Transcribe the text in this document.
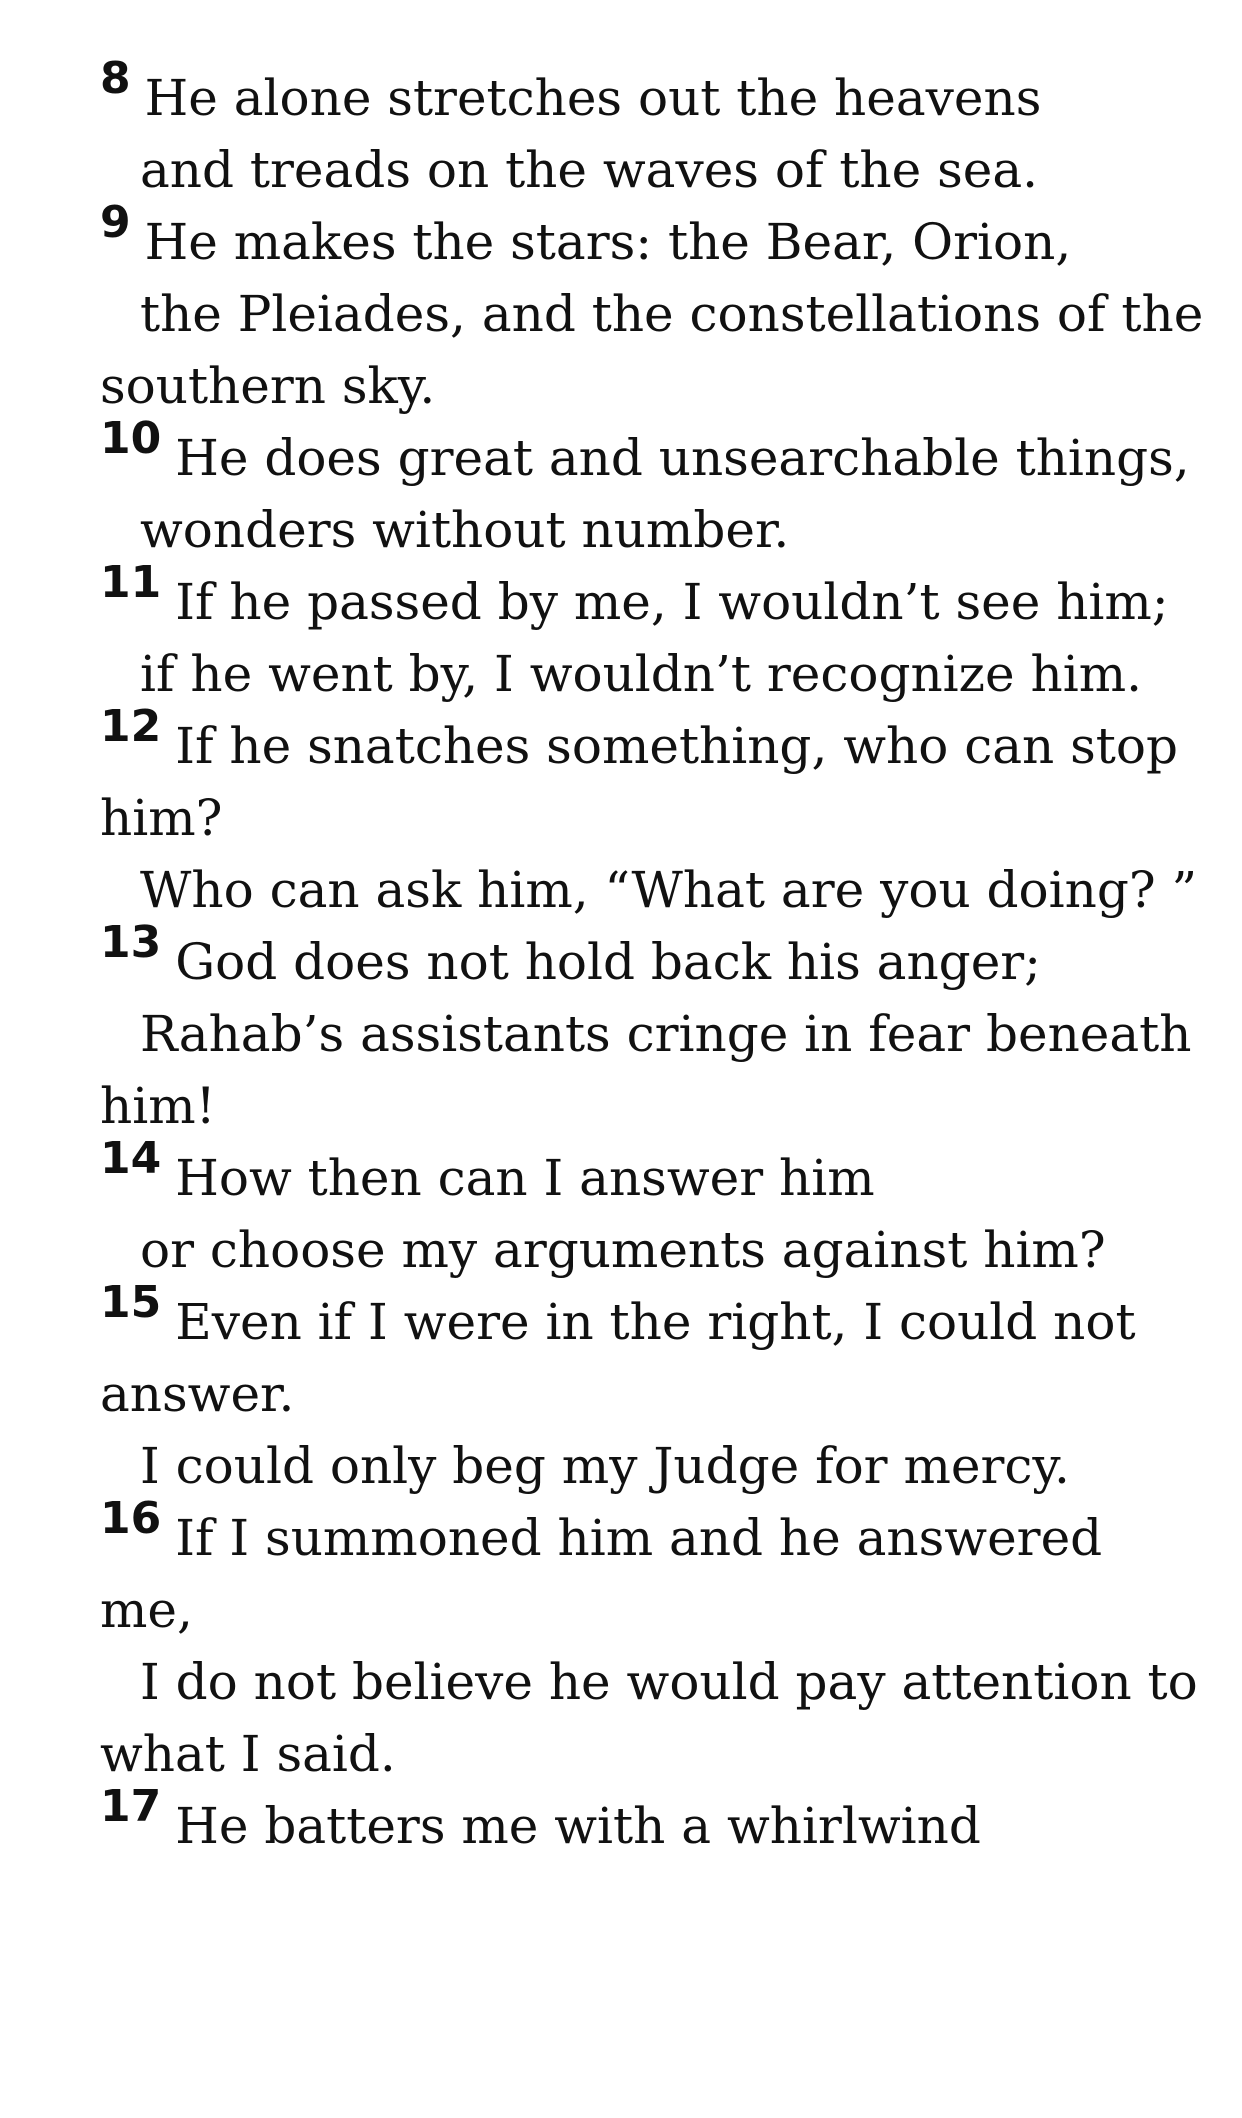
8 He alone stretches out the heavens
and treads on the waves of the sea.
9 He makes the stars: the Bear, Orion,
the Pleiades, and the constellations of the
southern sky.
10 He does great and unsearchable things,
wonders without number.
11 If he passed by me, I wouldn’t see him;
if he went by, I wouldn’t recognize him.
12 If he snatches something, who can stop
him?
Who can ask him, “What are you doing? ”
13 God does not hold back his anger;
Rahab’s assistants cringe in fear beneath
him!
14 How then can I answer him
or choose my arguments against him?
15 Even if I were in the right, I could not
answer.
I could only beg my Judge for mercy.
16 If I summoned him and he answered
me,
I do not believe he would pay attention to
what I said.
17 He batters me with a whirlwind
